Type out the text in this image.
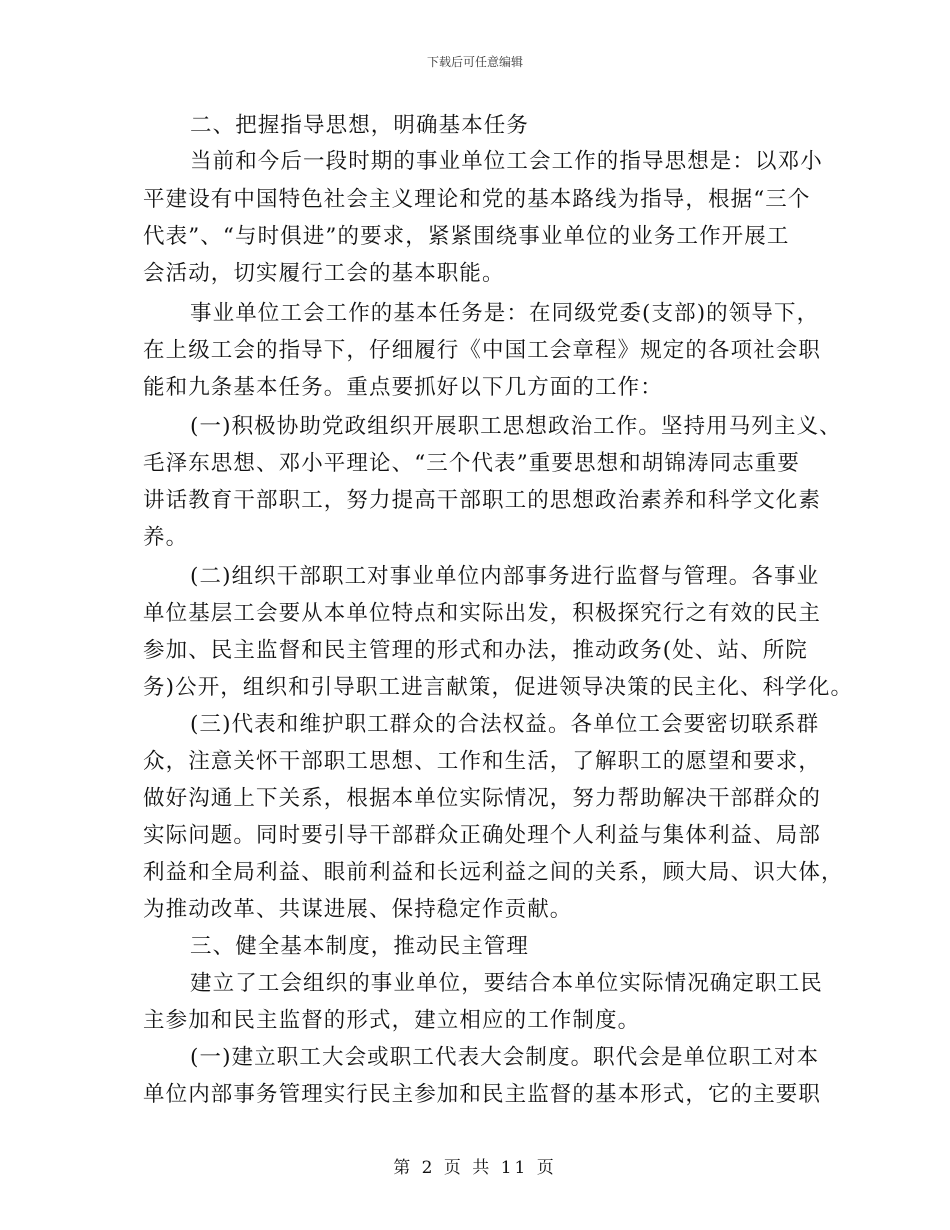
下载后可任意编辑
二、把握指导思想，明确基本任务
当前和今后一段时期的事业单位工会工作的指导思想是：以邓小
平建设有中国特色社会主义理论和党的基本路线为指导，根据“三个
代表”、“与时俱进”的要求，紧紧围绕事业单位的业务工作开展工
会活动，切实履行工会的基本职能。
事业单位工会工作的基本任务是：在同级党委(支部)的领导下，
在上级工会的指导下，仔细履行《中国工会章程》规定的各项社会职
能和九条基本任务。重点要抓好以下几方面的工作：
(一)积极协助党政组织开展职工思想政治工作。坚持用马列主义、
毛泽东思想、邓小平理论、“三个代表”重要思想和胡锦涛同志重要
讲话教育干部职工，努力提高干部职工的思想政治素养和科学文化素
养。
(二)组织干部职工对事业单位内部事务进行监督与管理。各事业
单位基层工会要从本单位特点和实际出发，积极探究行之有效的民主
参加、民主监督和民主管理的形式和办法，推动政务(处、站、所院
务)公开，组织和引导职工进言献策，促进领导决策的民主化、科学化。
(三)代表和维护职工群众的合法权益。各单位工会要密切联系群
众，注意关怀干部职工思想、工作和生活，了解职工的愿望和要求，
做好沟通上下关系，根据本单位实际情况，努力帮助解决干部群众的
实际问题。同时要引导干部群众正确处理个人利益与集体利益、局部
利益和全局利益、眼前利益和长远利益之间的关系，顾大局、识大体，
为推动改革、共谋进展、保持稳定作贡献。
三、健全基本制度，推动民主管理
建立了工会组织的事业单位，要结合本单位实际情况确定职工民
主参加和民主监督的形式，建立相应的工作制度。
(一)建立职工大会或职工代表大会制度。职代会是单位职工对本
单位内部事务管理实行民主参加和民主监督的基本形式，它的主要职
第 2 页 共 11 页
